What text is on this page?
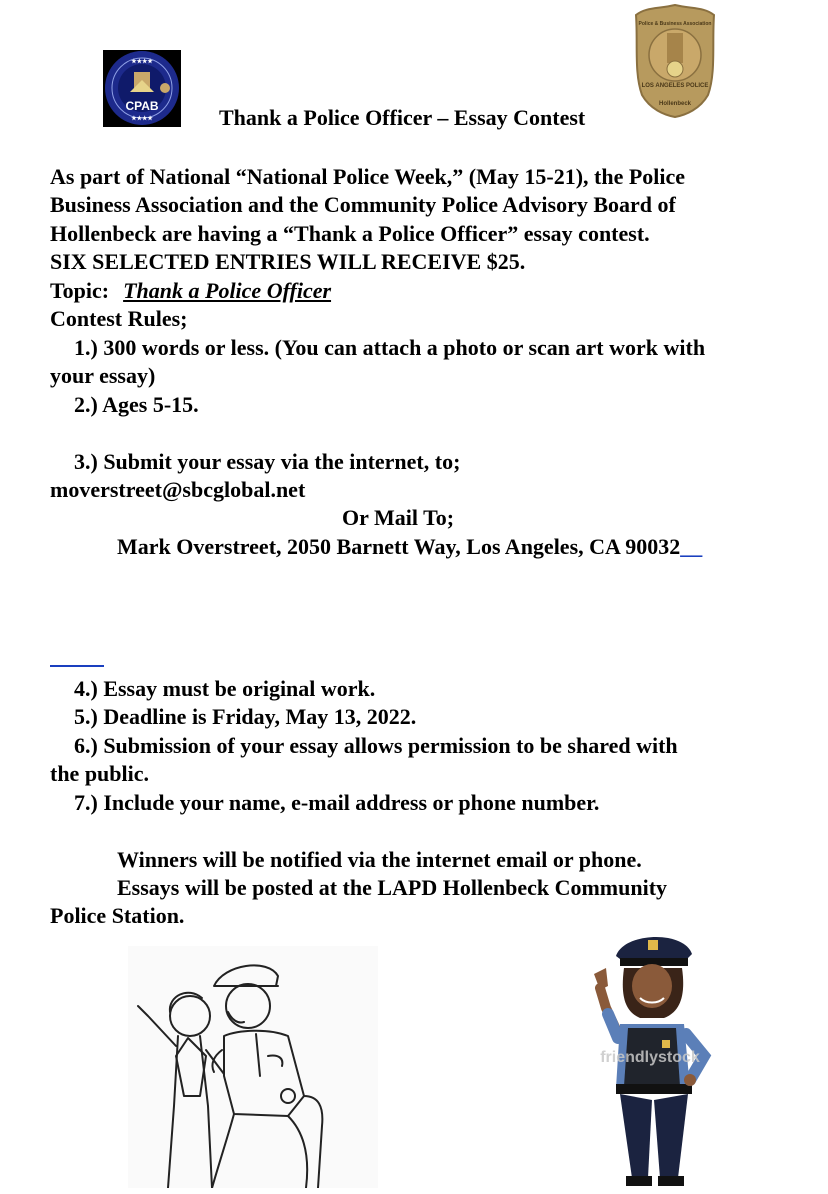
CPAB
★★★★
★★★★
Police & Business Association
LOS ANGELES POLICE
Hollenbeck
Thank a Police Officer – Essay Contest
As part of National “National Police Week,” (May 15-21), the Police
Business Association and the Community Police Advisory Board of
Hollenbeck are having a “Thank a Police Officer” essay contest.
SIX SELECTED ENTRIES WILL RECEIVE $25.
Topic: Thank a Police Officer
Contest Rules;
1.) 300 words or less. (You can attach a photo or scan art work with
your essay)
2.) Ages 5-15.
3.) Submit your essay via the internet, to;
moverstreet@sbcglobal.net
Or Mail To;
Mark Overstreet, 2050 Barnett Way, Los Angeles, CA 90032__
4.) Essay must be original work.
5.) Deadline is Friday, May 13, 2022.
6.) Submission of your essay allows permission to be shared with
the public.
7.) Include your name, e-mail address or phone number.
Winners will be notified via the internet email or phone.
Essays will be posted at the LAPD Hollenbeck Community
Police Station.
friendlystock
